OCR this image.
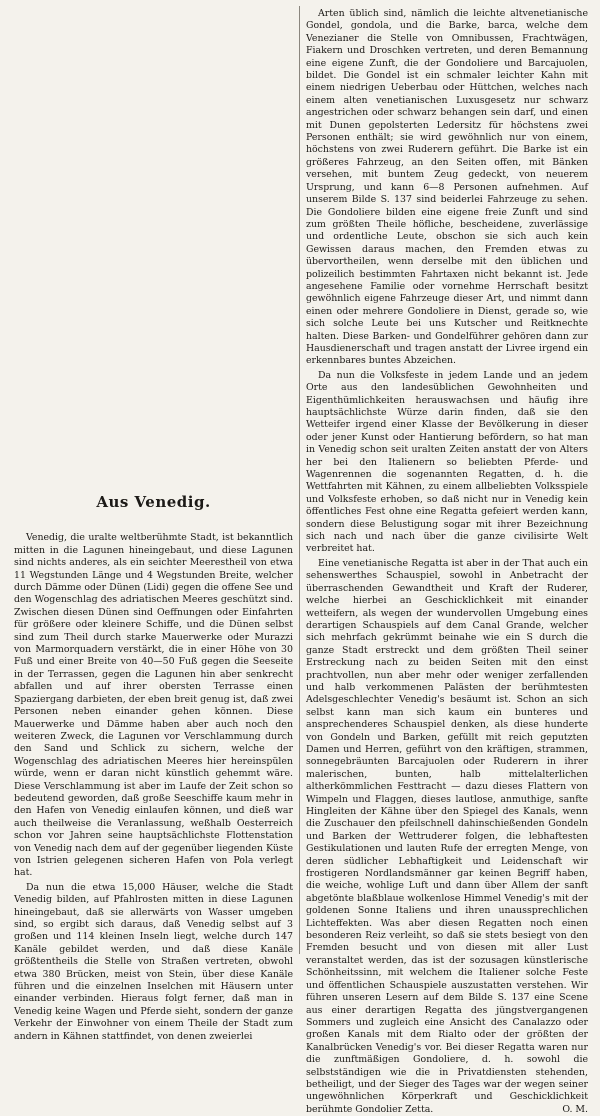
Arten üblich sind, nämlich die leichte altvenetianische Gondel, gondola, und die Barke, barca, welche dem Venezianer die Stelle von Omnibussen, Frachtwägen, Fiakern und Droschken vertreten, und deren Bemannung eine eigene Zunft, die der Gondoliere und Barcajuolen, bildet. Die Gondel ist ein schmaler leichter Kahn mit einem niedrigen Ueberbau oder Hüttchen, welches nach einem alten venetianischen Luxusgesetz nur schwarz angestrichen oder schwarz behangen sein darf, und einen mit Dunen gepolsterten Ledersitz für höchstens zwei Personen enthält; sie wird gewöhnlich nur von einem, höchstens von zwei Ruderern geführt. Die Barke ist ein größeres Fahrzeug, an den Seiten offen, mit Bänken versehen, mit buntem Zeug gedeckt, von neuerem Ursprung, und kann 6—8 Personen aufnehmen. Auf unserem Bilde S. 137 sind beiderlei Fahrzeuge zu sehen. Die Gondoliere bilden eine eigene freie Zunft und sind zum größten Theile höfliche, bescheidene, zuverlässige und ordentliche Leute, obschon sie sich auch kein Gewissen daraus machen, den Fremden etwas zu übervortheilen, wenn derselbe mit den üblichen und polizeilich bestimmten Fahrtaxen nicht bekannt ist. Jede angesehene Familie oder vornehme Herrschaft besitzt gewöhnlich eigene Fahrzeuge dieser Art, und nimmt dann einen oder mehrere Gondoliere in Dienst, gerade so, wie sich solche Leute bei uns Kutscher und Reitknechte halten. Diese Barken- und Gondelführer gehören dann zur Hausdienerschaft und tragen anstatt der Livree irgend ein erkennbares buntes Abzeichen.

Da nun die Volksfeste in jedem Lande und an jedem Orte aus den landesüblichen Gewohnheiten und Eigenthümlichkeiten herauswachsen und häufig ihre hauptsächlichste Würze darin finden, daß sie den Wetteifer irgend einer Klasse der Bevölkerung in dieser oder jener Kunst oder Hantierung befördern, so hat man in Venedig schon seit uralten Zeiten anstatt der von Alters her bei den Italienern so beliebten Pferde- und Wagenrennen die sogenannten Regatten, d. h. die Wettfahrten mit Kähnen, zu einem allbeliebten Volksspiele und Volksfeste erhoben, so daß nicht nur in Venedig kein öffentliches Fest ohne eine Regatta gefeiert werden kann, sondern diese Belustigung sogar mit ihrer Bezeichnung sich nach und nach über die ganze civilisirte Welt verbreitet hat.

Eine venetianische Regatta ist aber in der That auch ein sehenswerthes Schauspiel, sowohl in Anbetracht der überraschenden Gewandtheit und Kraft der Ruderer, welche hierbei an Geschicklichkeit mit einander wetteifern, als wegen der wundervollen Umgebung eines derartigen Schauspiels auf dem Canal Grande, welcher sich mehrfach gekrümmt beinahe wie ein S durch die ganze Stadt erstreckt und dem größten Theil seiner Erstreckung nach zu beiden Seiten mit den einst prachtvollen, nun aber mehr oder weniger zerfallenden und halb verkommenen Palästen der berühmtesten Adelsgeschlechter Venedig's besäumt ist. Schon an sich selbst kann man sich kaum ein bunteres und ansprechenderes Schauspiel denken, als diese hunderte von Gondeln und Barken, gefüllt mit reich geputzten Damen und Herren, geführt von den kräftigen, strammen, sonnegebräunten Barcajuolen oder Ruderern in ihrer malerischen, bunten, halb mittelalterlichen altherkömmlichen Festtracht — dazu dieses Flattern von Wimpeln und Flaggen, dieses lautlose, anmuthige, sanfte Hingleiten der Kähne über den Spiegel des Kanals, wenn die Zuschauer den pfeilschnell dahinschießenden Gondeln und Barken der Wettruderer folgen, die lebhaftesten Gestikulationen und lauten Rufe der erregten Menge, von deren südlicher Lebhaftigkeit und Leidenschaft wir frostigeren Nordlandsmänner gar keinen Begriff haben, die weiche, wohlige Luft und dann über Allem der sanft abgetönte blaßblaue wolkenlose Himmel Venedig's mit der goldenen Sonne Italiens und ihren unaussprechlichen Lichteffekten. Was aber diesen Regatten noch einen besonderen Reiz verleiht, so daß sie stets besiegt von den Fremden besucht und von diesen mit aller Lust veranstaltet werden, das ist der sozusagen künstlerische Schönheitssinn, mit welchem die Italiener solche Feste und öffentlichen Schauspiele auszustatten verstehen. Wir führen unseren Lesern auf dem Bilde S. 137 eine Scene aus einer derartigen Regatta des jüngstvergangenen Sommers und zugleich eine Ansicht des Canalazzo oder großen Kanals mit dem Rialto oder der größten der Kanalbrücken Venedig's vor. Bei dieser Regatta waren nur die zunftmäßigen Gondoliere, d. h. sowohl die selbstständigen wie die in Privatdiensten stehenden, betheiligt, und der Sieger des Tages war der wegen seiner ungewöhnlichen Körperkraft und Geschicklichkeit berühmte Gondolier Zetta.	O. M.

Aus Venedig.

Venedig, die uralte weltberühmte Stadt, ist bekanntlich mitten in die Lagunen hineingebaut, und diese Lagunen sind nichts anderes, als ein seichter Meerestheil von etwa 11 Wegstunden Länge und 4 Wegstunden Breite, welcher durch Dämme oder Dünen (Lidi) gegen die offene See und den Wogenschlag des adriatischen Meeres geschützt sind. Zwischen diesen Dünen sind Oeffnungen oder Einfahrten für größere oder kleinere Schiffe, und die Dünen selbst sind zum Theil durch starke Mauerwerke oder Murazzi von Marmorquadern verstärkt, die in einer Höhe von 30 Fuß und einer Breite von 40—50 Fuß gegen die Seeseite in der Terrassen, gegen die Lagunen hin aber senkrecht abfallen und auf ihrer obersten Terrasse einen Spaziergang darbieten, der eben breit genug ist, daß zwei Personen neben einander gehen können. Diese Mauerwerke und Dämme haben aber auch noch den weiteren Zweck, die Lagunen vor Verschlammung durch den Sand und Schlick zu sichern, welche der Wogenschlag des adriatischen Meeres hier hereinspülen würde, wenn er daran nicht künstlich gehemmt wäre. Diese Verschlammung ist aber im Laufe der Zeit schon so bedeutend geworden, daß große Seeschiffe kaum mehr in den Hafen von Venedig einlaufen können, und dieß war auch theilweise die Veranlassung, weßhalb Oesterreich schon vor Jahren seine hauptsächlichste Flottenstation von Venedig nach dem auf der gegenüber liegenden Küste von Istrien gelegenen sicheren Hafen von Pola verlegt hat.

Da nun die etwa 15,000 Häuser, welche die Stadt Venedig bilden, auf Pfahlrosten mitten in diese Lagunen hineingebaut, daß sie allerwärts von Wasser umgeben sind, so ergibt sich daraus, daß Venedig selbst auf 3 großen und 114 kleinen Inseln liegt, welche durch 147 Kanäle gebildet werden, und daß diese Kanäle größtentheils die Stelle von Straßen vertreten, obwohl etwa 380 Brücken, meist von Stein, über diese Kanäle führen und die einzelnen Inselchen mit Häusern unter einander verbinden. Hieraus folgt ferner, daß man in Venedig keine Wagen und Pferde sieht, sondern der ganze Verkehr der Einwohner von einem Theile der Stadt zum andern in Kähnen stattfindet, von denen zweierlei
